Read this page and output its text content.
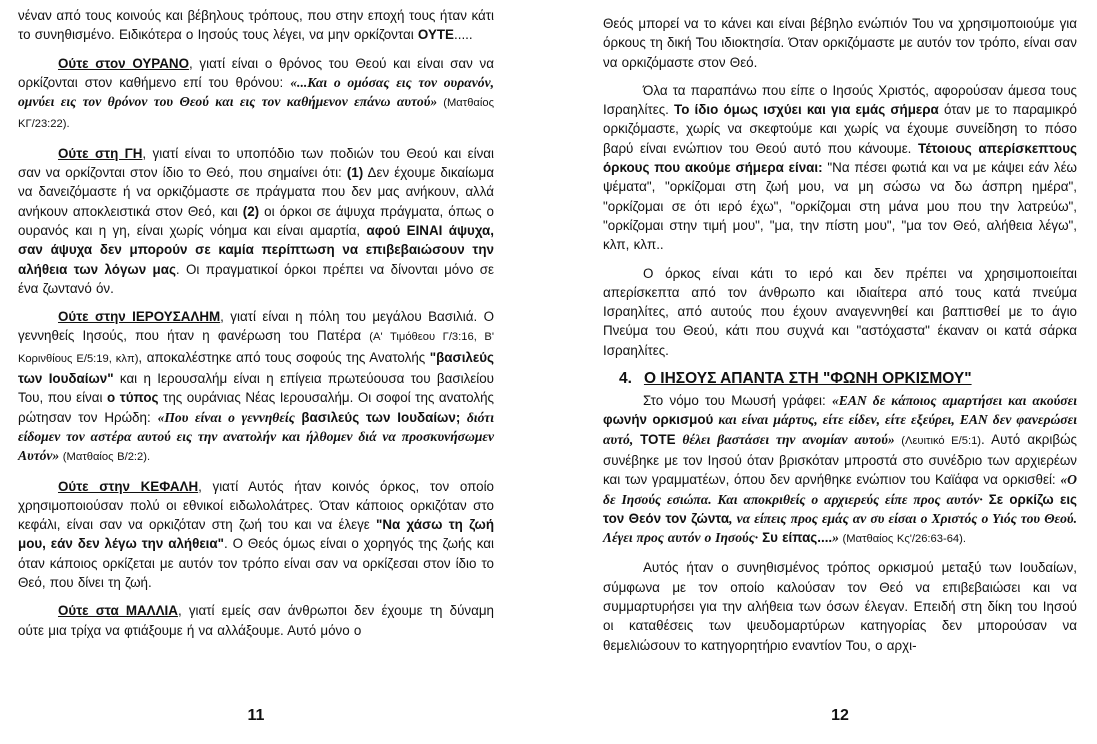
νέναν από τους κοινούς και βέβηλους τρόπους, που στην εποχή τους ήταν κάτι το συνηθισμένο. Ειδικότερα ο Ιησούς τους λέγει, να μην ορκίζονται ΟΥΤΕ.....

Ούτε στον ΟΥΡΑΝΟ, γιατί είναι ο θρόνος του Θεού και είναι σαν να ορκίζονται στον καθήμενο επί του θρόνου: «...Και ο ομόσας εις τον ουρανόν, ομνύει εις τον θρόνον του Θεού και εις τον καθήμενον επάνω αυτού» (Ματθαίος ΚΓ/23:22).

Ούτε στη ΓΗ, γιατί είναι το υποπόδιο των ποδιών του Θεού και είναι σαν να ορκίζονται στον ίδιο το Θεό, που σημαίνει ότι: (1) Δεν έχουμε δικαίωμα να δανειζόμαστε ή να ορκιζόμαστε σε πράγματα που δεν μας ανήκουν, αλλά ανήκουν αποκλειστικά στον Θεό, και (2) οι όρκοι σε άψυχα πράγματα, όπως ο ουρανός και η γη, είναι χωρίς νόημα και είναι αμαρτία, αφού ΕΙΝΑΙ άψυχα, σαν άψυχα δεν μπορούν σε καμία περίπτωση να επιβεβαιώσουν την αλήθεια των λόγων μας. Οι πραγματικοί όρκοι πρέπει να δίνονται μόνο σε ένα ζωντανό όν.

Ούτε στην ΙΕΡΟΥΣΑΛΗΜ, γιατί είναι η πόλη του μεγάλου Βασιλιά. Ο γεννηθείς Ιησούς, που ήταν η φανέρωση του Πατέρα (Α' Τιμόθεου Γ/3:16, Β' Κορινθίους Ε/5:19, κλπ), αποκαλέστηκε από τους σοφούς της Ανατολής "βασιλεύς των Ιουδαίων" και η Ιερουσαλήμ είναι η επίγεια πρωτεύουσα του βασιλείου Του, που είναι ο τύπος της ουράνιας Νέας Ιερουσαλήμ. Οι σοφοί της ανατολής ρώτησαν τον Ηρώδη: «Που είναι ο γεννηθείς βασιλεύς των Ιουδαίων; διότι είδομεν τον αστέρα αυτού εις την ανατολήν και ήλθομεν διά να προσκυνήσωμεν Αυτόν» (Ματθαίος Β/2:2).

Ούτε στην ΚΕΦΑΛΗ, γιατί Αυτός ήταν κοινός όρκος, τον οποίο χρησιμοποιούσαν πολύ οι εθνικοί ειδωλολάτρες. Όταν κάποιος ορκιζόταν στο κεφάλι, είναι σαν να ορκιζόταν στη ζωή του και να έλεγε "Να χάσω τη ζωή μου, εάν δεν λέγω την αλήθεια". Ο Θεός όμως είναι ο χορηγός της ζωής και όταν κάποιος ορκίζεται με αυτόν τον τρόπο είναι σαν να ορκίζεσαι στον ίδιο το Θεό, που δίνει τη ζωή.

Ούτε στα ΜΑΛΛΙΑ, γιατί εμείς σαν άνθρωποι δεν έχουμε τη δύναμη ούτε μια τρίχα να φτιάξουμε ή να αλλάξουμε. Αυτό μόνο ο

11

Θεός μπορεί να το κάνει και είναι βέβηλο ενώπιόν Του να χρησιμοποιούμε για όρκους τη δική Του ιδιοκτησία. Όταν ορκιζόμαστε με αυτόν τον τρόπο, είναι σαν να ορκιζόμαστε στον Θεό.

Όλα τα παραπάνω που είπε ο Ιησούς Χριστός, αφορούσαν άμεσα τους Ισραηλίτες. Το ίδιο όμως ισχύει και για εμάς σήμερα όταν με το παραμικρό ορκιζόμαστε, χωρίς να σκεφτούμε και χωρίς να έχουμε συνείδηση το πόσο βαρύ είναι ενώπιον του Θεού αυτό που κάνουμε. Τέτοιους απερίσκεπτους όρκους που ακούμε σήμερα είναι: "Να πέσει φωτιά και να με κάψει εάν λέω ψέματα", "ορκίζομαι στη ζωή μου, να μη σώσω να δω άσπρη ημέρα", "ορκίζομαι σε ότι ιερό έχω", "ορκίζομαι στη μάνα μου που την λατρεύω", "ορκίζομαι στην τιμή μου", "μα, την πίστη μου", "μα τον Θεό, αλήθεια λέγω", κλπ, κλπ..

Ο όρκος είναι κάτι το ιερό και δεν πρέπει να χρησιμοποιείται απερίσκεπτα από τον άνθρωπο και ιδιαίτερα από τους κατά πνεύμα Ισραηλίτες, από αυτούς που έχουν αναγεννηθεί και βαπτισθεί με το άγιο Πνεύμα του Θεού, κάτι που συχνά και "αστόχαστα" έκαναν οι κατά σάρκα Ισραηλίτες.

4. Ο ΙΗΣΟΥΣ ΑΠΑΝΤΑ ΣΤΗ "ΦΩΝΗ ΟΡΚΙΣΜΟΥ"

Στο νόμο του Μωυσή γράφει: «ΕΑΝ δε κάποιος αμαρτήσει και ακούσει φωνήν ορκισμού και είναι μάρτυς, είτε είδεν, είτε εξεύρει, ΕΑΝ δεν φανερώσει αυτό, ΤΟΤΕ θέλει βαστάσει την ανομίαν αυτού» (Λευιτικό Ε/5:1). Αυτό ακριβώς συνέβηκε με τον Ιησού όταν βρισκόταν μπροστά στο συνέδριο των αρχιερέων και των γραμματέων, όπου δεν αρνήθηκε ενώπιον του Καϊάφα να ορκισθεί: «Ο δε Ιησούς εσιώπα. Και αποκριθείς ο αρχιερεύς είπε προς αυτόν· Σε ορκίζω εις τον Θεόν τον ζώντα, να είπεις προς εμάς αν συ είσαι ο Χριστός ο Υιός του Θεού. Λέγει προς αυτόν ο Ιησούς· Συ είπας....» (Ματθαίος Κς'/26:63-64).

Αυτός ήταν ο συνηθισμένος τρόπος ορκισμού μεταξύ των Ιουδαίων, σύμφωνα με τον οποίο καλούσαν τον Θεό να επιβεβαιώσει και να συμμαρτυρήσει για την αλήθεια των όσων έλεγαν. Επειδή στη δίκη του Ιησού οι καταθέσεις των ψευδομαρτύρων κατηγορίας δεν μπορούσαν να θεμελιώσουν το κατηγορητήριο εναντίον Του, ο αρχι-

12
